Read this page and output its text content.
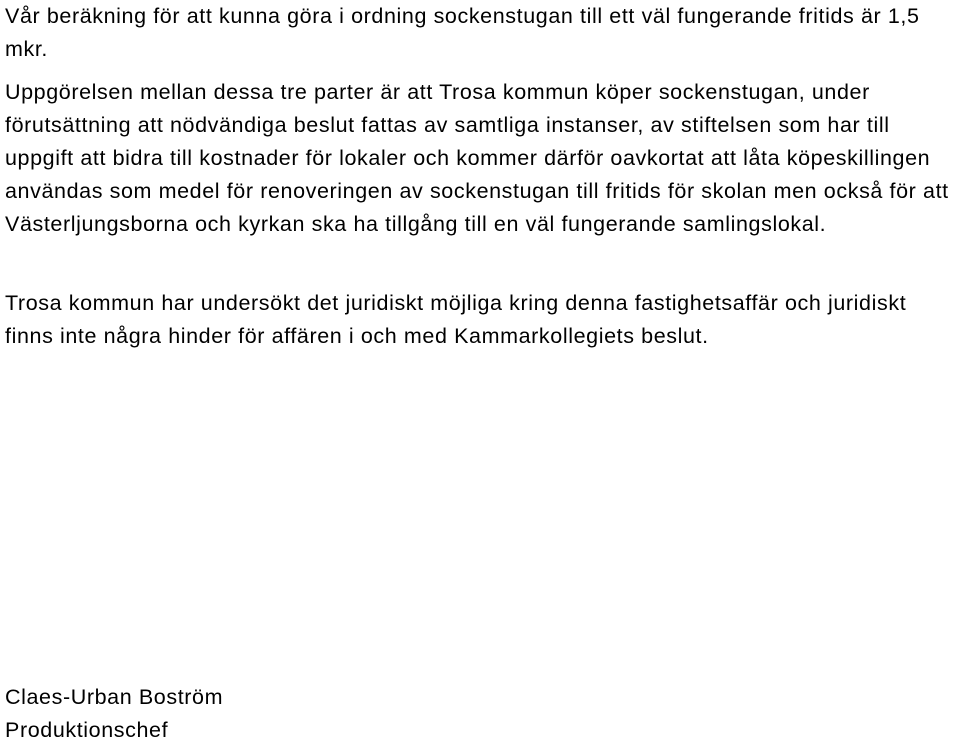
Vår beräkning för att kunna göra i ordning sockenstugan till ett väl fungerande fritids är 1,5 mkr.

Uppgörelsen mellan dessa tre parter är att Trosa kommun köper sockenstugan, under förutsättning att nödvändiga beslut fattas av samtliga instanser, av stiftelsen som har till uppgift att bidra till kostnader för lokaler och kommer därför oavkortat att låta köpeskillingen användas som medel för renoveringen av sockenstugan till fritids för skolan men också för att Västerljungsborna och kyrkan ska ha tillgång till en väl fungerande samlingslokal.

Trosa kommun har undersökt det juridiskt möjliga kring denna fastighetsaffär och juridiskt finns inte några hinder för affären i och med Kammarkollegiets beslut.

Claes-Urban Boström
Produktionschef
